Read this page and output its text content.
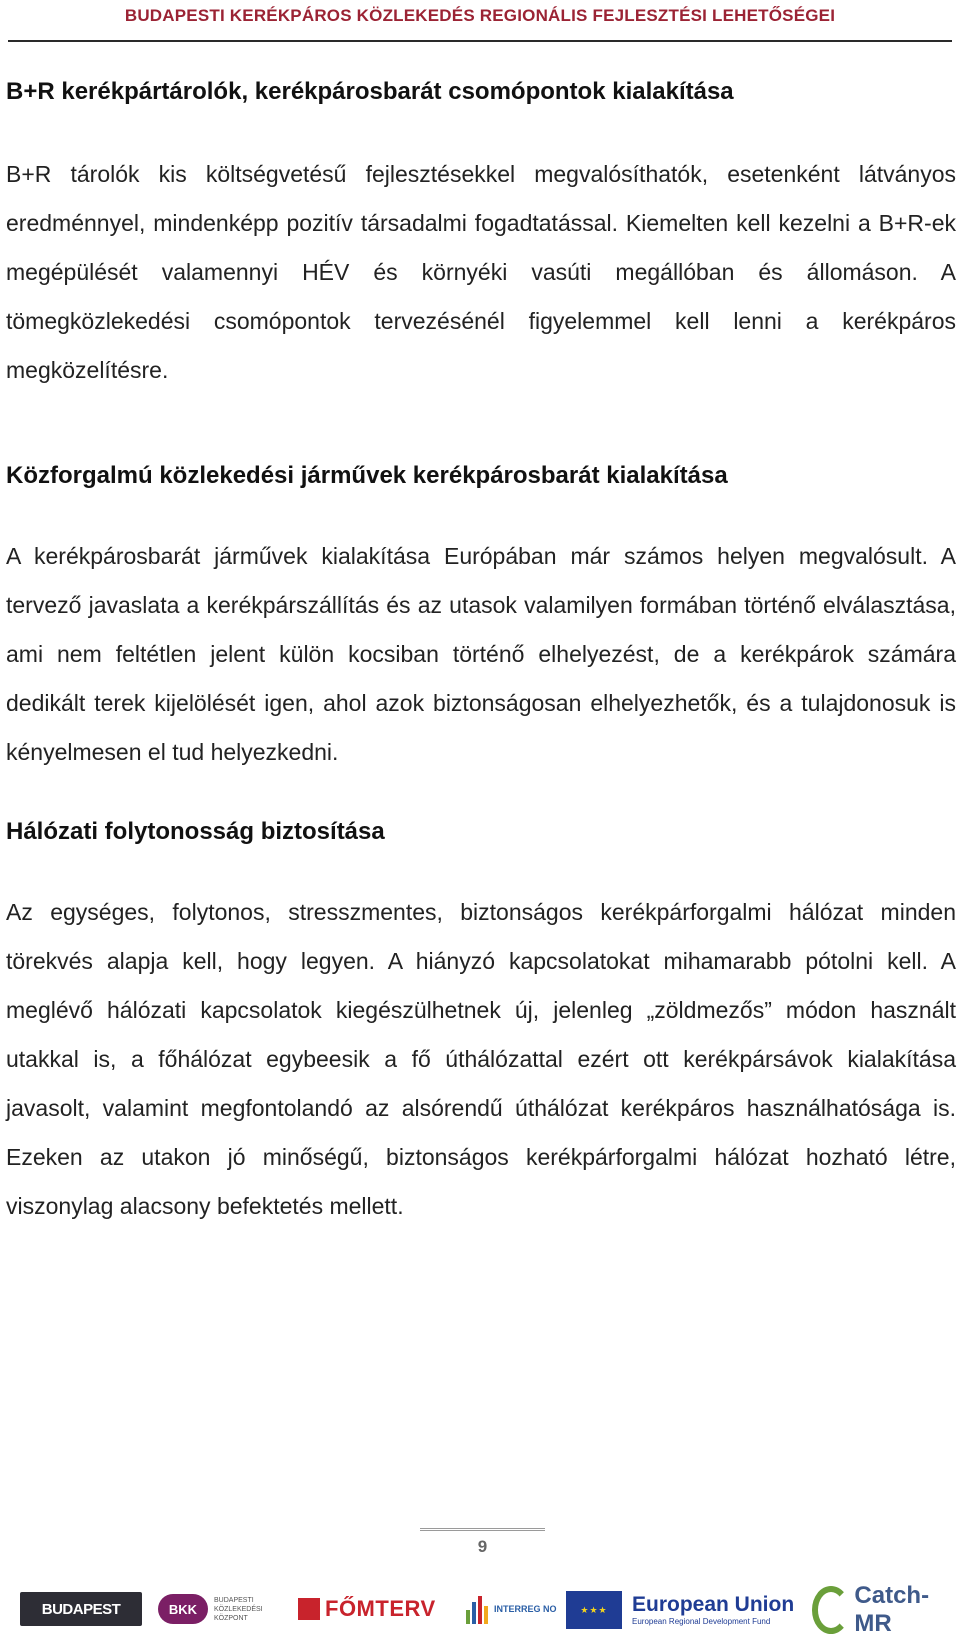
BUDAPESTI KERÉKPÁROS KÖZLEKEDÉS REGIONÁLIS FEJLESZTÉSI LEHETŐSÉGEI
B+R kerékpártárolók, kerékpárosbarát csomópontok kialakítása

B+R tárolók kis költségvetésű fejlesztésekkel megvalósíthatók, esetenként látványos eredménnyel, mindenképp pozitív társadalmi fogadtatással. Kiemelten kell kezelni a B+R-ek megépülését valamennyi HÉV és környéki vasúti megállóban és állomáson. A tömegközlekedési csomópontok tervezésénél figyelemmel kell lenni a kerékpáros megközelítésre.

Közforgalmú közlekedési járművek kerékpárosbarát kialakítása

A kerékpárosbarát járművek kialakítása Európában már számos helyen megvalósult. A tervező javaslata a kerékpárszállítás és az utasok valamilyen formában történő elválasztása, ami nem feltétlen jelent külön kocsiban történő elhelyezést, de a kerékpárok számára dedikált terek kijelölését igen, ahol azok biztonságosan elhelyezhetők, és a tulajdonosuk is kényelmesen el tud helyezkedni.

Hálózati folytonosság biztosítása

Az egységes, folytonos, stresszmentes, biztonságos kerékpárforgalmi hálózat minden törekvés alapja kell, hogy legyen. A hiányzó kapcsolatokat mihamarabb pótolni kell. A meglévő hálózati kapcsolatok kiegészülhetnek új, jelenleg „zöldmezős” módon használt utakkal is, a főhálózat egybeesik a fő úthálózattal ezért ott kerékpársávok kialakítása javasolt, valamint megfontolandó az alsórendű úthálózat kerékpáros használhatósága is. Ezeken az utakon jó minőségű, biztonságos kerékpárforgalmi hálózat hozható létre, viszonylag alacsony befektetés mellett.

9
BUDAPEST	BKK
BUDAPESTI KÖZLEKEDÉSI KÖZPONT	FŐMTERV	INTERREG NO	★★★	European Union
European Regional Development Fund
Catch-MR
